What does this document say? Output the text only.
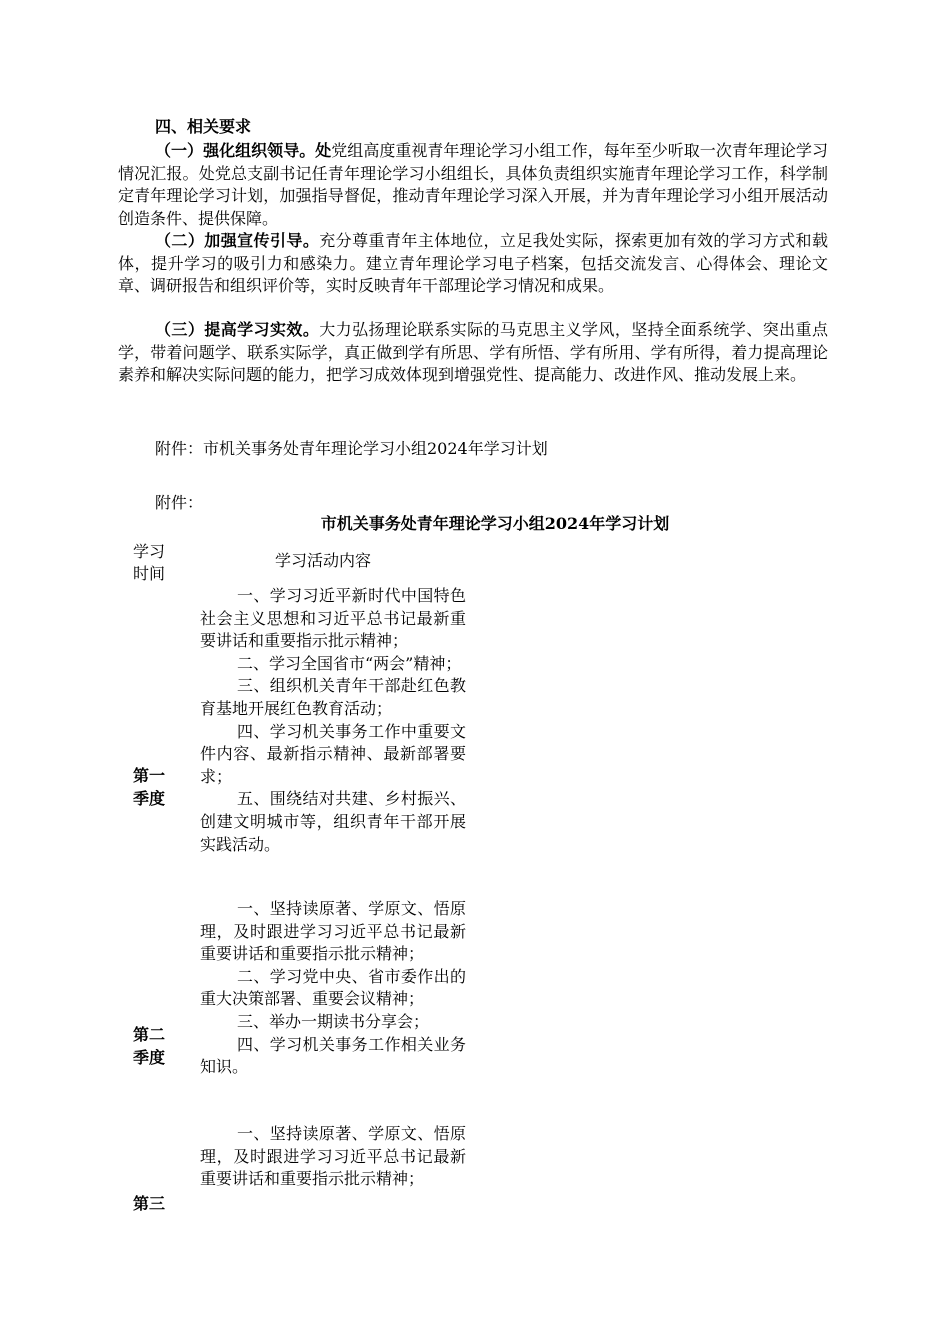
四、相关要求

（一）强化组织领导。处党组高度重视青年理论学习小组工作，每年至少听取一次青年理论学习情况汇报。处党总支副书记任青年理论学习小组组长，具体负责组织实施青年理论学习工作，科学制定青年理论学习计划，加强指导督促，推动青年理论学习深入开展，并为青年理论学习小组开展活动创造条件、提供保障。

（二）加强宣传引导。充分尊重青年主体地位，立足我处实际，探索更加有效的学习方式和载体，提升学习的吸引力和感染力。建立青年理论学习电子档案，包括交流发言、心得体会、理论文章、调研报告和组织评价等，实时反映青年干部理论学习情况和成果。

（三）提高学习实效。大力弘扬理论联系实际的马克思主义学风，坚持全面系统学、突出重点学，带着问题学、联系实际学，真正做到学有所思、学有所悟、学有所用、学有所得，着力提高理论素养和解决实际问题的能力，把学习成效体现到增强党性、提高能力、改进作风、推动发展上来。

附件：市机关事务处青年理论学习小组2024年学习计划
附件：
市机关事务处青年理论学习小组2024年学习计划
学习时间
学习活动内容
第一季度
一、学习习近平新时代中国特色社会主义思想和习近平总书记最新重要讲话和重要指示批示精神；
二、学习全国省市“两会”精神；
三、组织机关青年干部赴红色教育基地开展红色教育活动；
四、学习机关事务工作中重要文件内容、最新指示精神、最新部署要求；
五、围绕结对共建、乡村振兴、创建文明城市等，组织青年干部开展实践活动。
第二季度
一、坚持读原著、学原文、悟原理，及时跟进学习习近平总书记最新重要讲话和重要指示批示精神；
二、学习党中央、省市委作出的重大决策部署、重要会议精神；
三、举办一期读书分享会；
四、学习机关事务工作相关业务知识。
第三
一、坚持读原著、学原文、悟原理，及时跟进学习习近平总书记最新重要讲话和重要指示批示精神；
